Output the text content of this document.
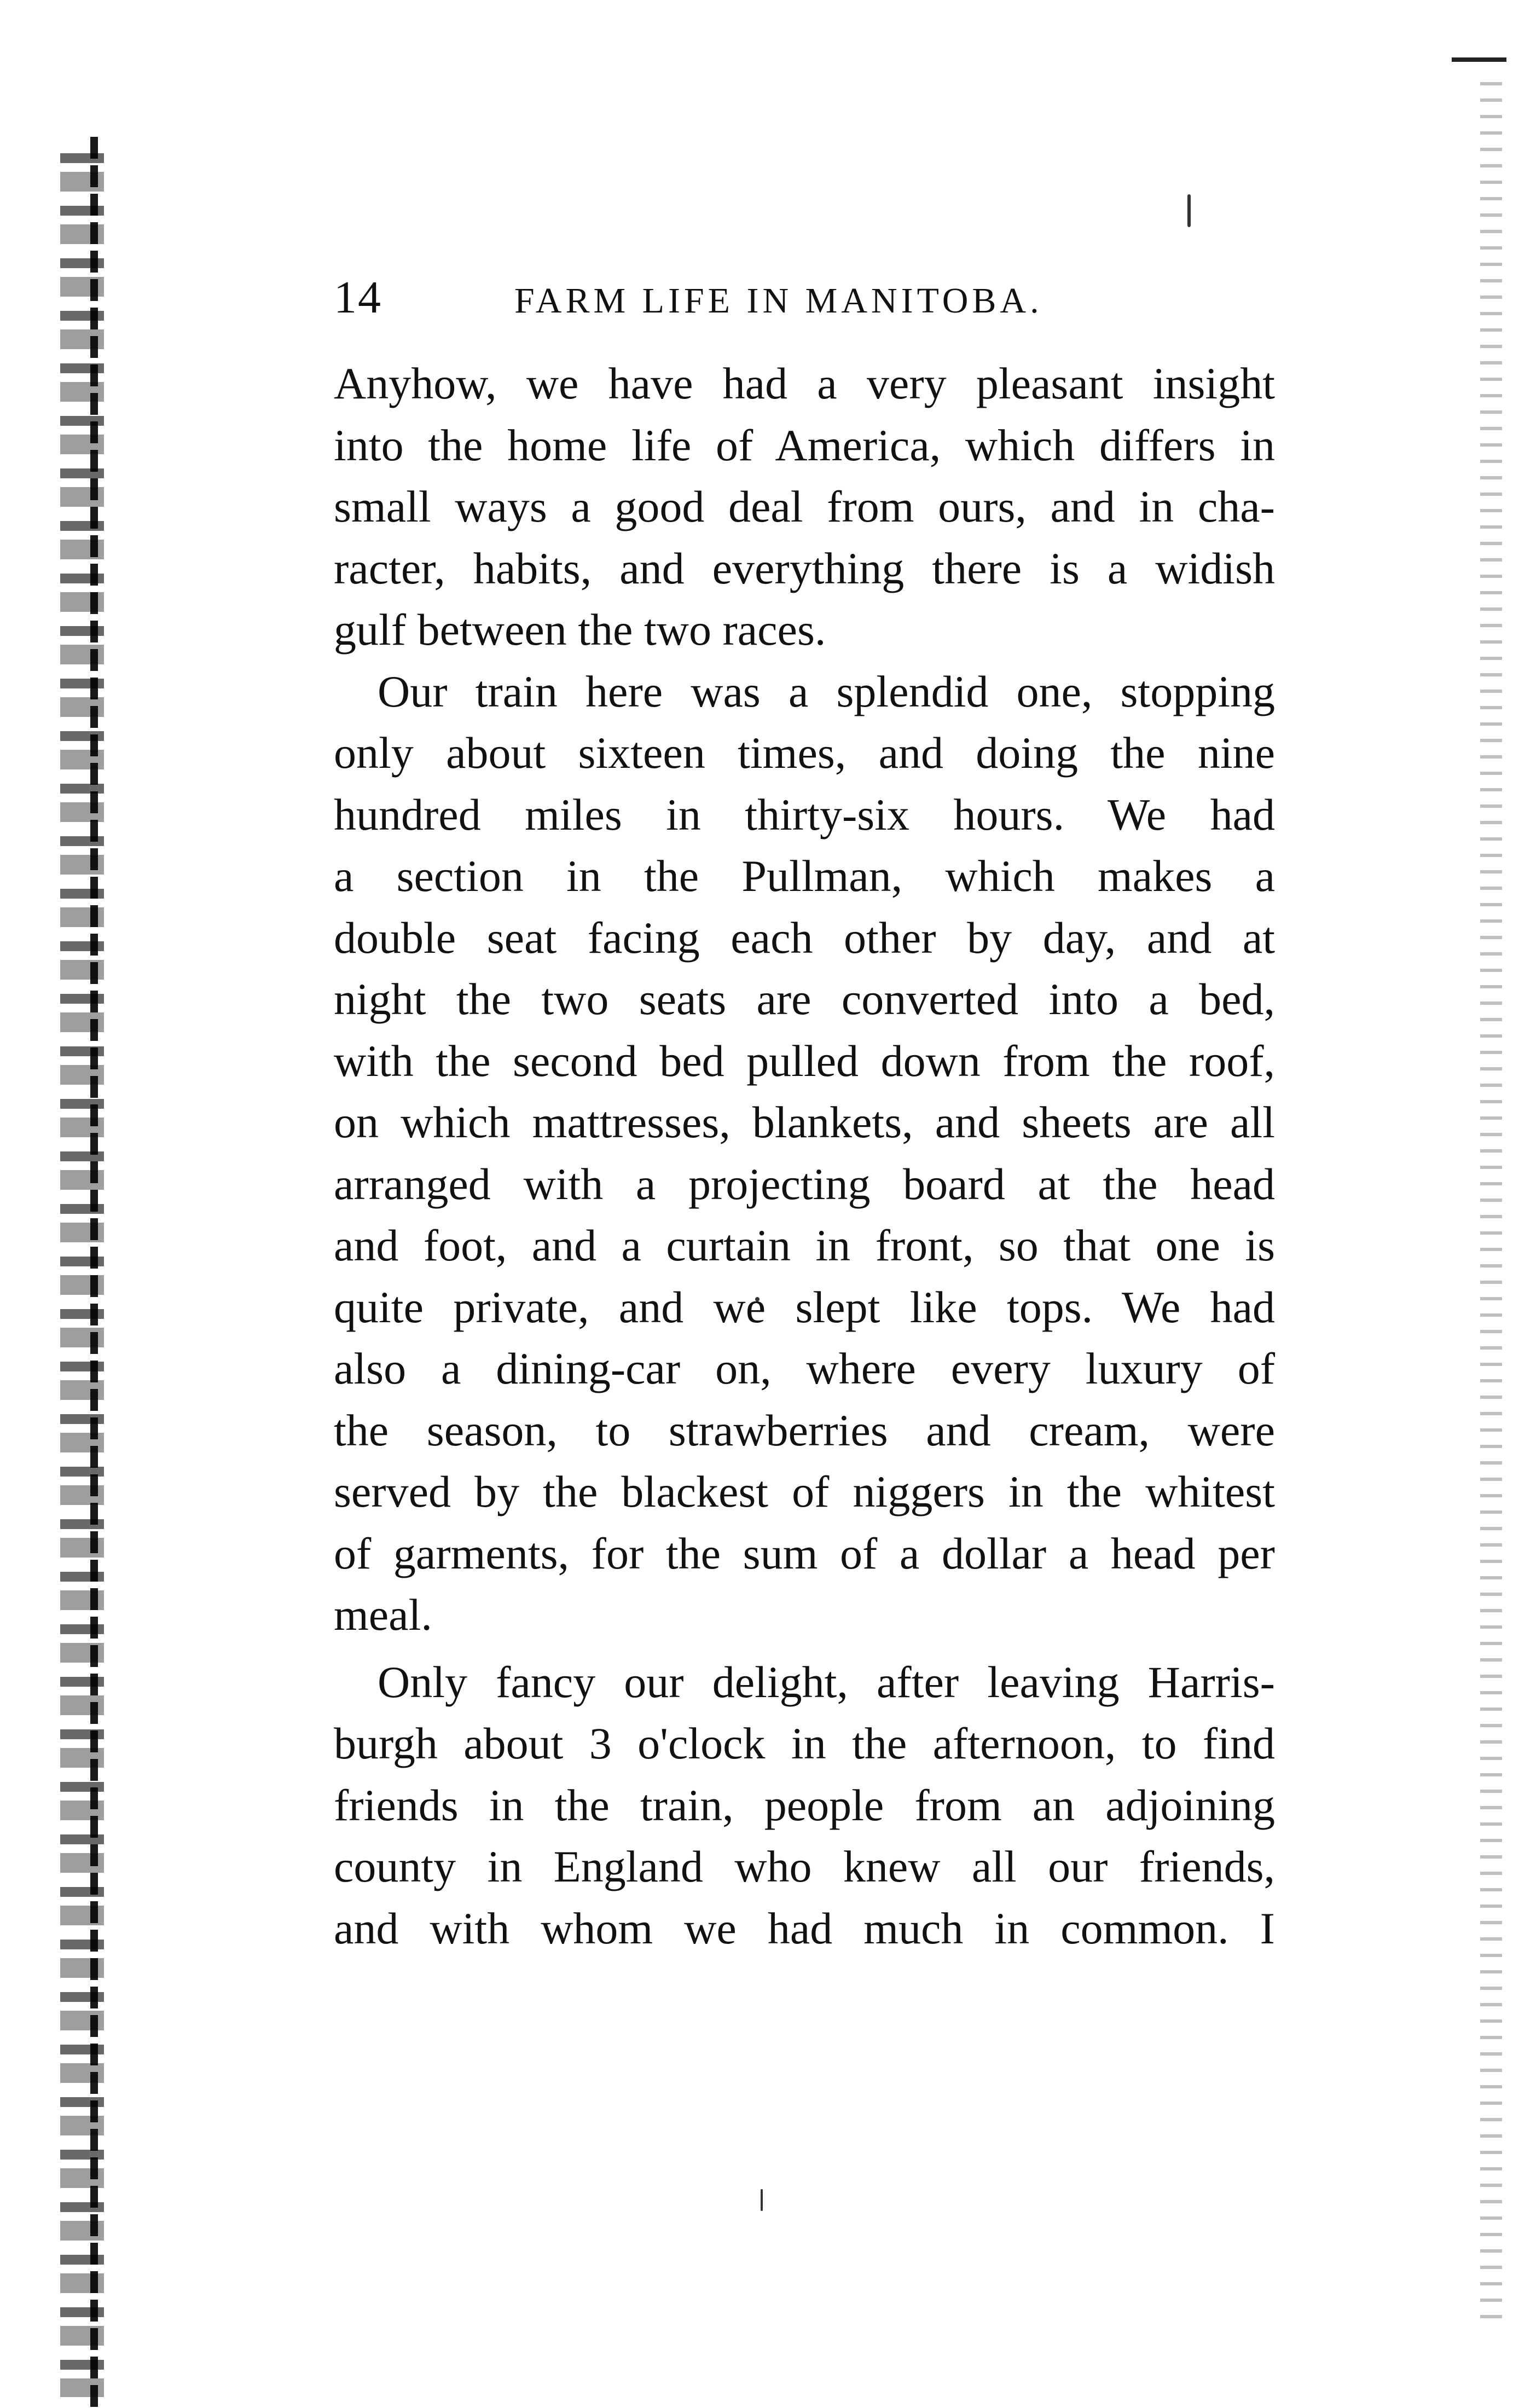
14	FARM LIFE IN MANITOBA.

Anyhow, we have had a very pleasant insight
into the home life of America, which differs in
small ways a good deal from ours, and in cha-
racter, habits, and everything there is a widish
gulf between the two races.

Our train here was a splendid one, stopping
only about sixteen times, and doing the nine
hundred miles in thirty-six hours. We had
a section in the Pullman, which makes a
double seat facing each other by day, and at
night the two seats are converted into a bed,
with the second bed pulled down from the roof,
on which mattresses, blankets, and sheets are all
arranged with a projecting board at the head
and foot, and a curtain in front, so that one is
quite private, and we slept like tops. We had
also a dining-car on, where every luxury of
the season, to strawberries and cream, were
served by the blackest of niggers in the whitest
of garments, for the sum of a dollar a head per
meal.

Only fancy our delight, after leaving Harris-
burgh about 3 o'clock in the afternoon, to find
friends in the train, people from an adjoining
county in England who knew all our friends,
and with whom we had much in common. I
